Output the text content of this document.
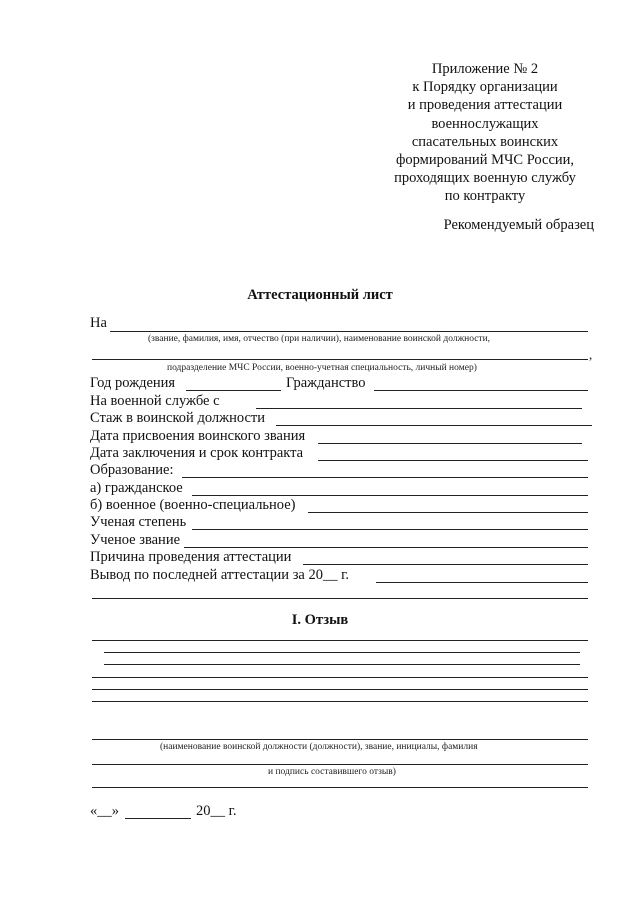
Приложение № 2
к Порядку организации
и проведения аттестации
военнослужащих
спасательных воинских
формирований МЧС России,
проходящих военную службу
по контракту
Рекомендуемый образец
Аттестационный лист
На
(звание, фамилия, имя, отчество (при наличии), наименование воинской должности,
,
подразделение МЧС России, военно-учетная специальность, личный номер)
Год рождения	Гражданство
На военной службе с
Стаж в воинской должности
Дата присвоения воинского звания
Дата заключения и срок контракта
Образование:
а) гражданское
б) военное (военно-специальное)
Ученая степень
Ученое звание
Причина проведения аттестации
Вывод по последней аттестации за 20__ г.
I. Отзыв
(наименование воинской должности (должности), звание, инициалы, фамилия
и подпись составившего отзыв)
«__»	20__ г.
